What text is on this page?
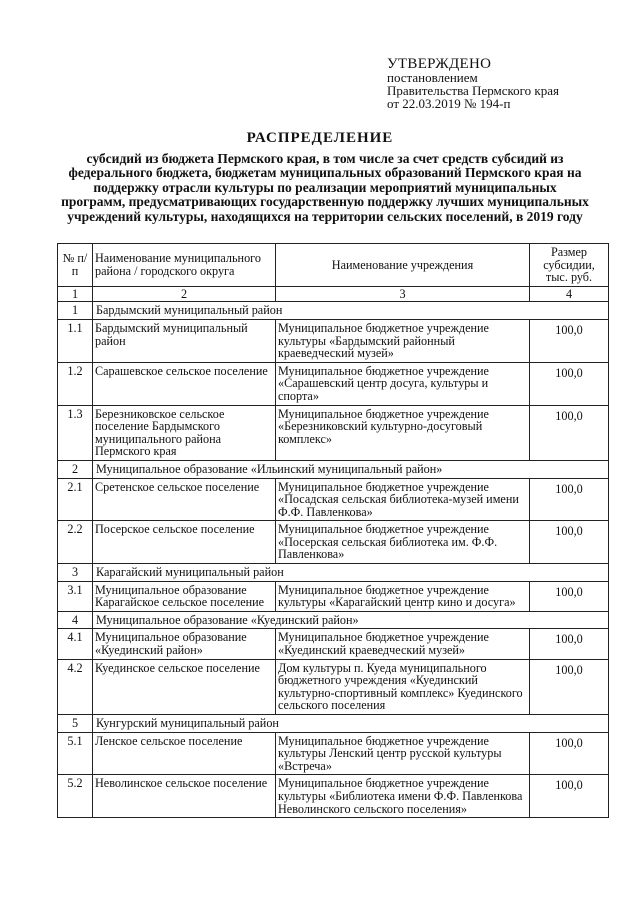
УТВЕРЖДЕНО
постановлением
Правительства Пермского края
от 22.03.2019 № 194-п
РАСПРЕДЕЛЕНИЕ
субсидий из бюджета Пермского края, в том числе за счет средств субсидий из федерального бюджета, бюджетам муниципальных образований Пермского края на поддержку отрасли культуры по реализации мероприятий муниципальных программ, предусматривающих государственную поддержку лучших муниципальных учреждений культуры, находящихся на территории сельских поселений, в 2019 году
№ п/п	Наименование муниципального района / городского округа	Наименование учреждения	Размер субсидии, тыс. руб.
1	2	3	4
1	Бардымский муниципальный район		
1.1	Бардымский муниципальный район	Муниципальное бюджетное учреждение культуры «Бардымский районный краеведческий музей»	100,0
1.2	Сарашевское сельское поселение	Муниципальное бюджетное учреждение «Сарашевский центр досуга, культуры и спорта»	100,0
1.3	Березниковское сельское поселение Бардымского муниципального района Пермского края	Муниципальное бюджетное учреждение «Березниковский культурно-досуговый комплекс»	100,0
2	Муниципальное образование «Ильинский муниципальный район»		
2.1	Сретенское сельское поселение	Муниципальное бюджетное учреждение «Посадская сельская библиотека-музей имени Ф.Ф. Павленкова»	100,0
2.2	Посерское сельское поселение	Муниципальное бюджетное учреждение «Посерская сельская библиотека им. Ф.Ф. Павленкова»	100,0
3	Карагайский муниципальный район		
3.1	Муниципальное образование Карагайское сельское поселение	Муниципальное бюджетное учреждение культуры «Карагайский центр кино и досуга»	100,0
4	Муниципальное образование «Куединский район»		
4.1	Муниципальное образование «Куединский район»	Муниципальное бюджетное учреждение «Куединский краеведческий музей»	100,0
4.2	Куединское сельское поселение	Дом культуры п. Куеда муниципального бюджетного учреждения «Куединский культурно-спортивный комплекс» Куединского сельского поселения	100,0
5	Кунгурский муниципальный район		
5.1	Ленское сельское поселение	Муниципальное бюджетное учреждение культуры Ленский центр русской культуры «Встреча»	100,0
5.2	Неволинское сельское поселение	Муниципальное бюджетное учреждение культуры «Библиотека имени Ф.Ф. Павленкова Неволинского сельского поселения»	100,0
